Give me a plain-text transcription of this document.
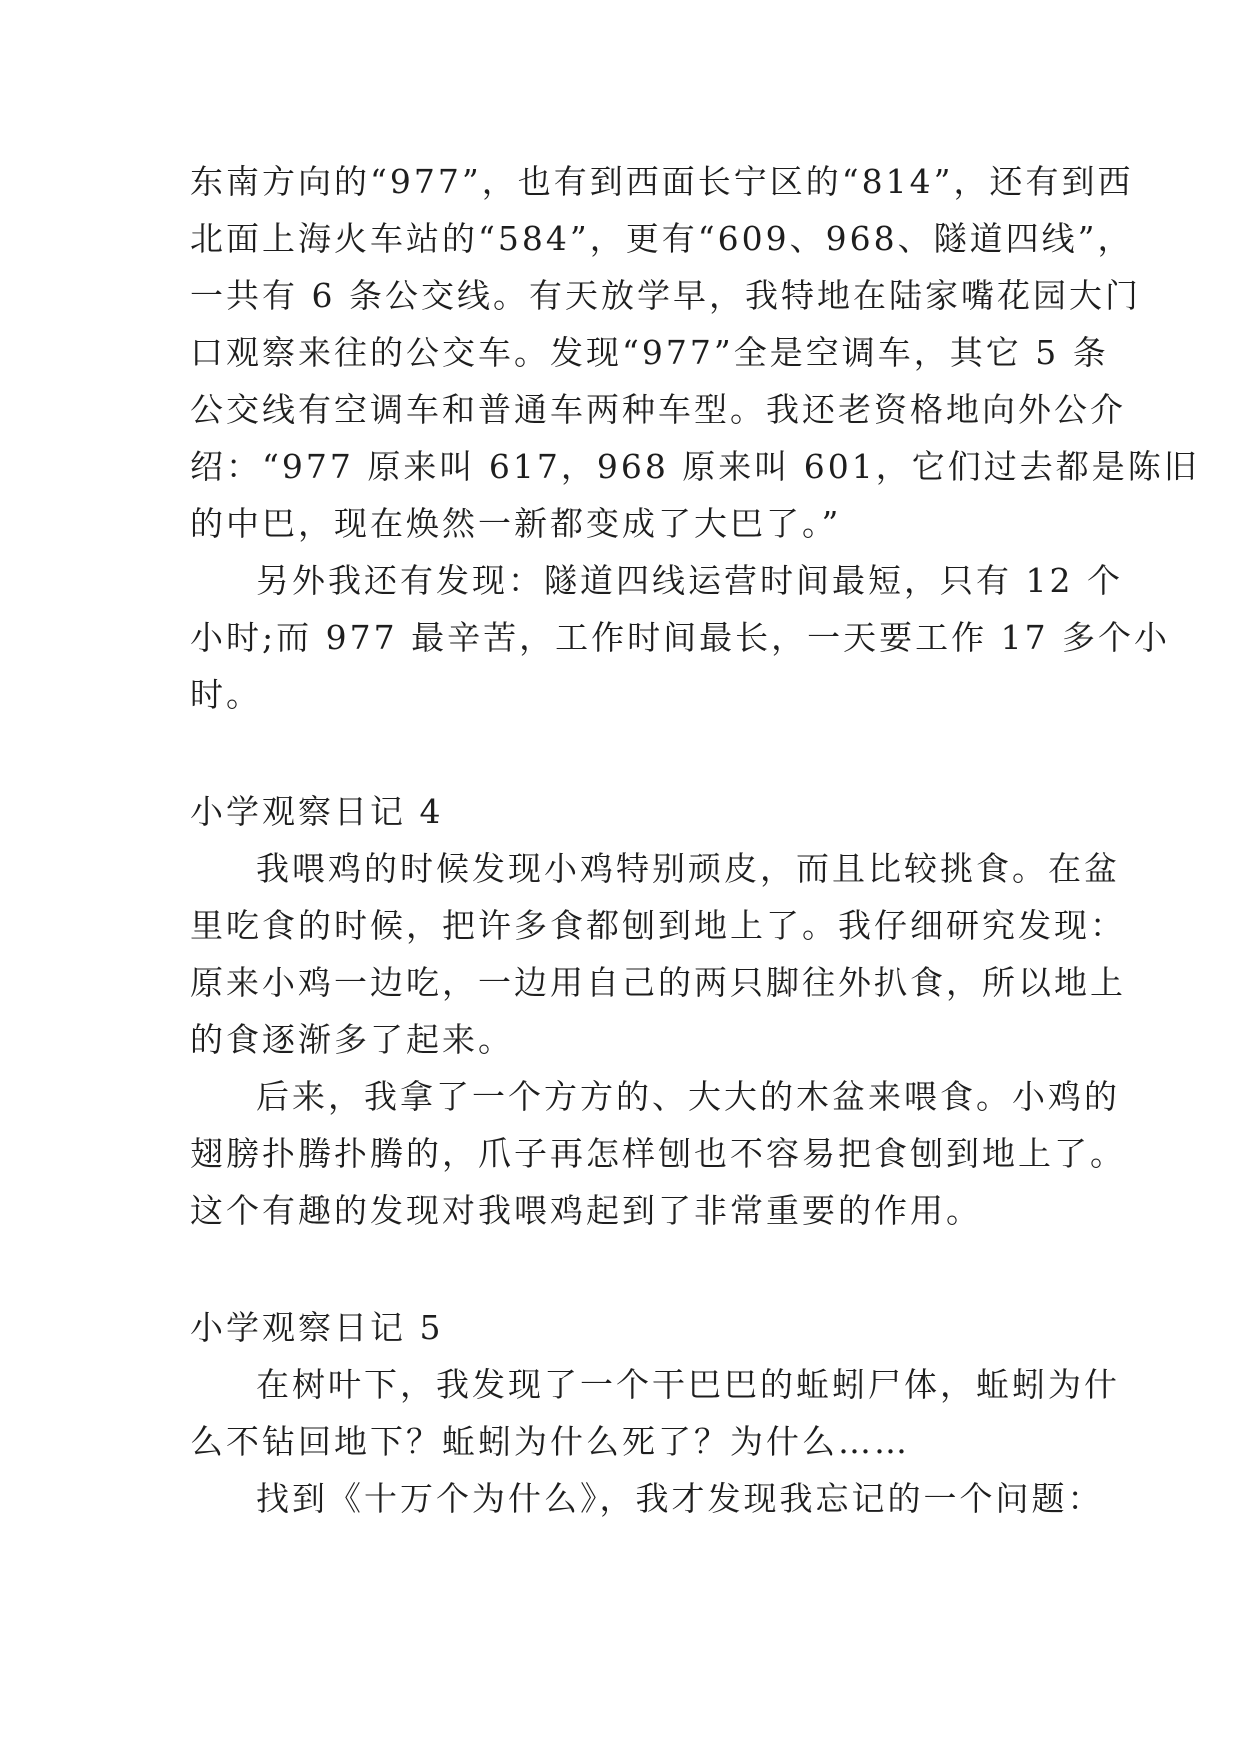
东南方向的“977”，也有到西面长宁区的“814”，还有到西
北面上海火车站的“584”，更有“609、968、隧道四线”，
一共有 6 条公交线。有天放学早，我特地在陆家嘴花园大门
口观察来往的公交车。发现“977”全是空调车，其它 5 条
公交线有空调车和普通车两种车型。我还老资格地向外公介
绍：“977 原来叫 617，968 原来叫 601，它们过去都是陈旧
的中巴，现在焕然一新都变成了大巴了。”
另外我还有发现：隧道四线运营时间最短，只有 12 个
小时;而 977 最辛苦，工作时间最长，一天要工作 17 多个小
时。
小学观察日记 4
我喂鸡的时候发现小鸡特别顽皮，而且比较挑食。在盆
里吃食的时候，把许多食都刨到地上了。我仔细研究发现：
原来小鸡一边吃，一边用自己的两只脚往外扒食，所以地上
的食逐渐多了起来。
后来，我拿了一个方方的、大大的木盆来喂食。小鸡的
翅膀扑腾扑腾的，爪子再怎样刨也不容易把食刨到地上了。
这个有趣的发现对我喂鸡起到了非常重要的作用。
小学观察日记 5
在树叶下，我发现了一个干巴巴的蚯蚓尸体，蚯蚓为什
么不钻回地下？蚯蚓为什么死了？为什么……
找到《十万个为什么》，我才发现我忘记的一个问题：
